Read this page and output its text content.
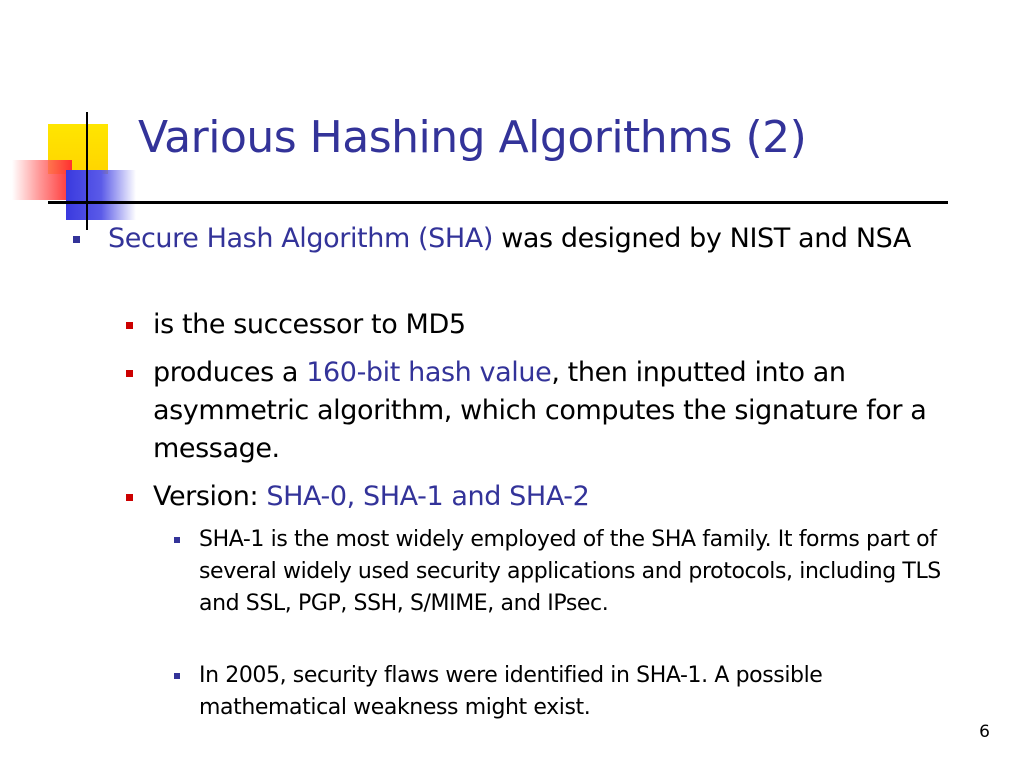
Various Hashing Algorithms (2)
Secure Hash Algorithm (SHA) was designed by NIST and NSA
is the successor to MD5
produces a 160-bit hash value, then inputted into an asymmetric algorithm, which computes the signature for a message.
Version: SHA-0, SHA-1 and SHA-2
SHA-1 is the most widely employed of the SHA family. It forms part of several widely used security applications and protocols, including TLS and SSL, PGP, SSH, S/MIME, and IPsec.
In 2005, security flaws were identified in SHA-1. A possible mathematical weakness might exist.
6
